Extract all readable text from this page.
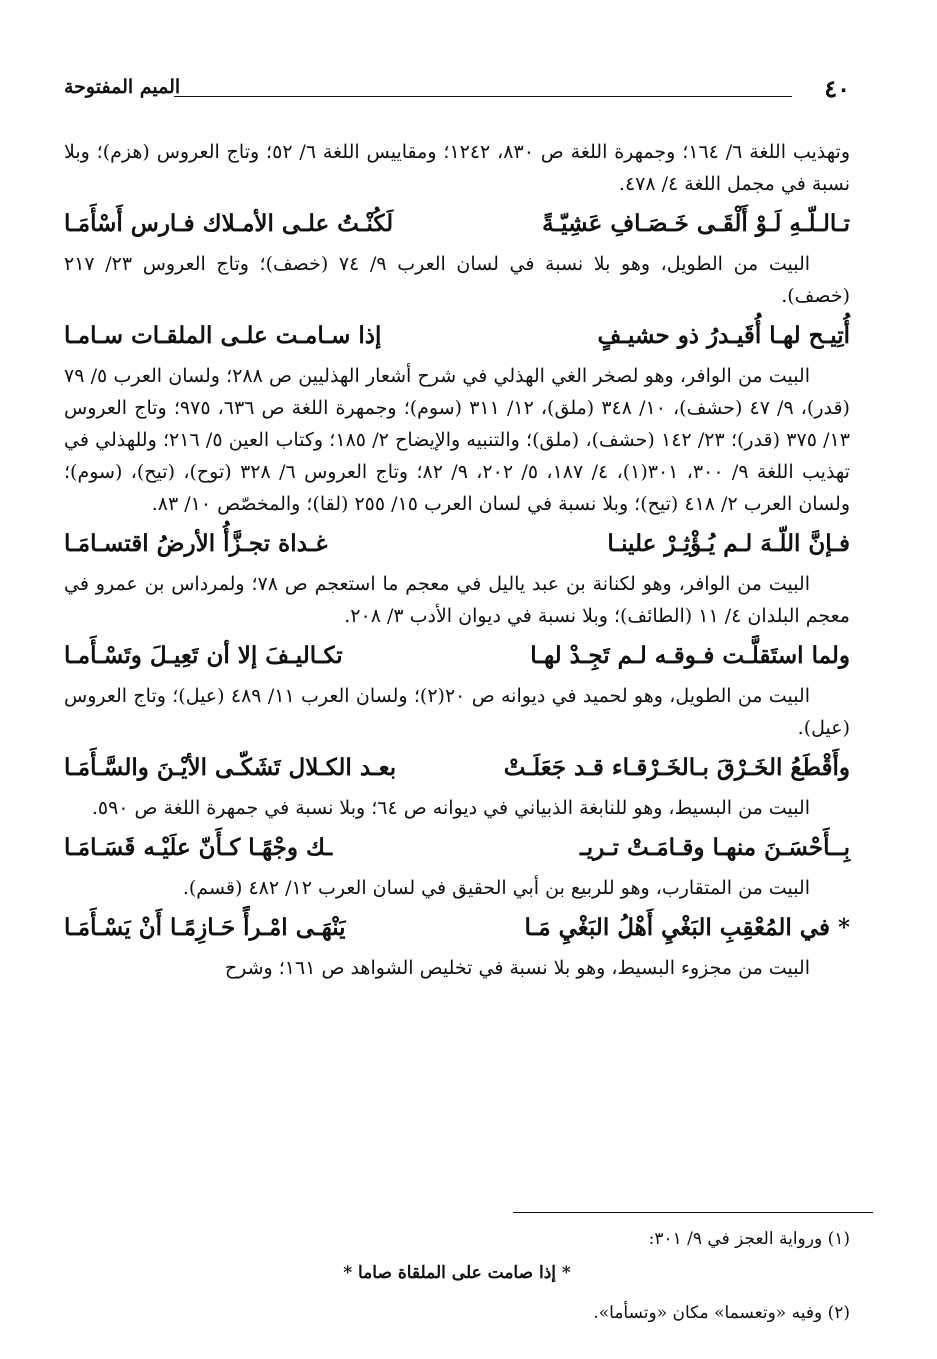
٤٠
الميم المفتوحة

وتهذيب اللغة ٦/ ١٦٤؛ وجمهرة اللغة ص ٨٣٠، ١٢٤٢؛ ومقاييس اللغة ٦/ ٥٢؛ وتاج العروس (هزم)؛ وبلا نسبة في مجمل اللغة ٤/ ٤٧٨.

تـالـلّـهِ لَـوْ أَلْقَـى خَـصَـافِ عَشِيّـةً
لَكُنْـتُ علـى الأمـلاك فـارس أَسْأَمَـا

البيت من الطويل، وهو بلا نسبة في لسان العرب ٩/ ٧٤ (خصف)؛ وتاج العروس ٢٣/ ٢١٧ (خصف).

أُتِيـح لهـا أُقَيـدرُ ذو حشيـفٍ
إذا سـامـت علـى الملقـات سـامـا

البيت من الوافر، وهو لصخر الغي الهذلي في شرح أشعار الهذليين ص ٢٨٨؛ ولسان العرب ٥/ ٧٩ (قدر)، ٩/ ٤٧ (حشف)، ١٠/ ٣٤٨ (ملق)، ١٢/ ٣١١ (سوم)؛ وجمهرة اللغة ص ٦٣٦، ٩٧٥؛ وتاج العروس ١٣/ ٣٧٥ (قدر)؛ ٢٣/ ١٤٢ (حشف)، (ملق)؛ والتنبيه والإيضاح ٢/ ١٨٥؛ وكتاب العين ٥/ ٢١٦؛ وللهذلي في تهذيب اللغة ٩/ ٣٠٠، ٣٠١(١)، ٤/ ١٨٧، ٥/ ٢٠٢، ٩/ ٨٢؛ وتاج العروس ٦/ ٣٢٨ (توح)، (تيح)، (سوم)؛ ولسان العرب ٢/ ٤١٨ (تيح)؛ وبلا نسبة في لسان العرب ١٥/ ٢٥٥ (لقا)؛ والمخصّص ١٠/ ٨٣.

فـإنَّ اللّـهَ لـم يُـؤْثِـرْ علينـا
غـداة تجـزَّأُ الأرضُ اقتسـامَـا

البيت من الوافر، وهو لكنانة بن عبد ياليل في معجم ما استعجم ص ٧٨؛ ولمرداس بن عمرو في معجم البلدان ٤/ ١١ (الطائف)؛ وبلا نسبة في ديوان الأدب ٣/ ٢٠٨.

ولما استَقلَّـت فـوقـه لـم تَجِـدْ لهـا
تكـاليـفَ إلا أن تَعِيـلَ وتَسْـأَمـا

البيت من الطويل، وهو لحميد في ديوانه ص ٢٠(٢)؛ ولسان العرب ١١/ ٤٨٩ (عيل)؛ وتاج العروس (عيل).

وأَقْطَعُ الخَـرْقَ بـالخَـرْقـاء قـد جَعَلَـتْ
بعـد الكـلال تَشَكّـى الأيْـنَ والسَّـأَمَـا

البيت من البسيط، وهو للنابغة الذبياني في ديوانه ص ٦٤؛ وبلا نسبة في جمهرة اللغة ص ٥٩٠.

بِــأَحْسَـنَ منهـا وقـامَـتْ تـريـ
ـك وجْهًـا كـأَنّ علَيْـه قَسَـامَـا

البيت من المتقارب، وهو للربيع بن أبي الحقيق في لسان العرب ١٢/ ٤٨٢ (قسم).

* في المُعْقِبِ البَغْيِ أَهْلُ البَغْيِ مَـا
يَنْهَـى امْـرأً حَـازِمًـا أَنْ يَسْـأَمَـا

البيت من مجزوء البسيط، وهو بلا نسبة في تخليص الشواهد ص ١٦١؛ وشرح

(١) ورواية العجز في ٩/ ٣٠١:

* إذا صامت على الملقاة صاما *

(٢) وفيه «وتعسما» مكان «وتسأما».
